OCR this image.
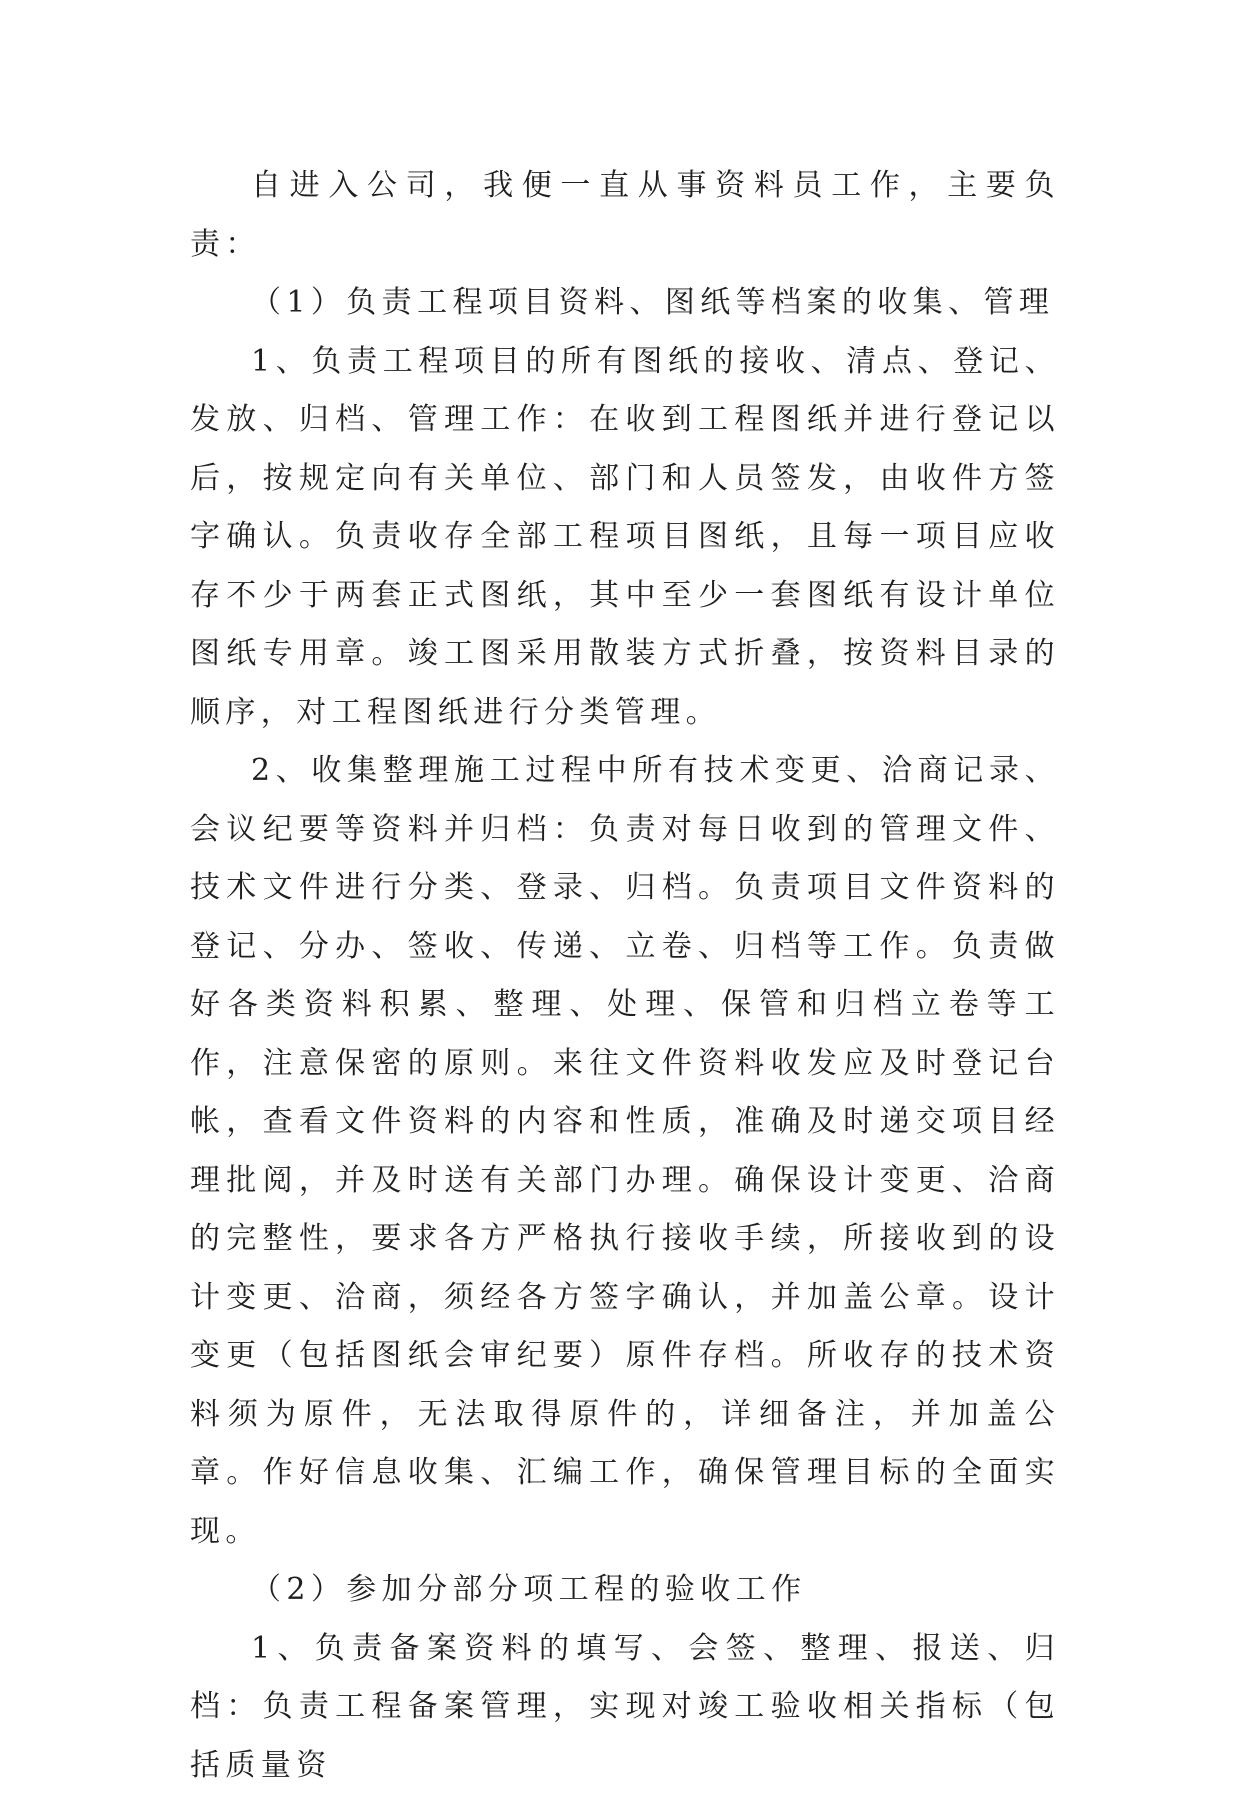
自进入公司，我便一直从事资料员工作，主要负责：

（1）负责工程项目资料、图纸等档案的收集、管理

1、负责工程项目的所有图纸的接收、清点、登记、发放、归档、管理工作：在收到工程图纸并进行登记以后，按规定向有关单位、部门和人员签发，由收件方签字确认。负责收存全部工程项目图纸，且每一项目应收存不少于两套正式图纸，其中至少一套图纸有设计单位图纸专用章。竣工图采用散装方式折叠，按资料目录的顺序，对工程图纸进行分类管理。

2、收集整理施工过程中所有技术变更、洽商记录、会议纪要等资料并归档：负责对每日收到的管理文件、技术文件进行分类、登录、归档。负责项目文件资料的登记、分办、签收、传递、立卷、归档等工作。负责做好各类资料积累、整理、处理、保管和归档立卷等工作，注意保密的原则。来往文件资料收发应及时登记台帐，查看文件资料的内容和性质，准确及时递交项目经理批阅，并及时送有关部门办理。确保设计变更、洽商的完整性，要求各方严格执行接收手续，所接收到的设计变更、洽商，须经各方签字确认，并加盖公章。设计变更（包括图纸会审纪要）原件存档。所收存的技术资料须为原件，无法取得原件的，详细备注，并加盖公章。作好信息收集、汇编工作，确保管理目标的全面实现。

（2）参加分部分项工程的验收工作

1、负责备案资料的填写、会签、整理、报送、归档：负责工程备案管理，实现对竣工验收相关指标（包括质量资
